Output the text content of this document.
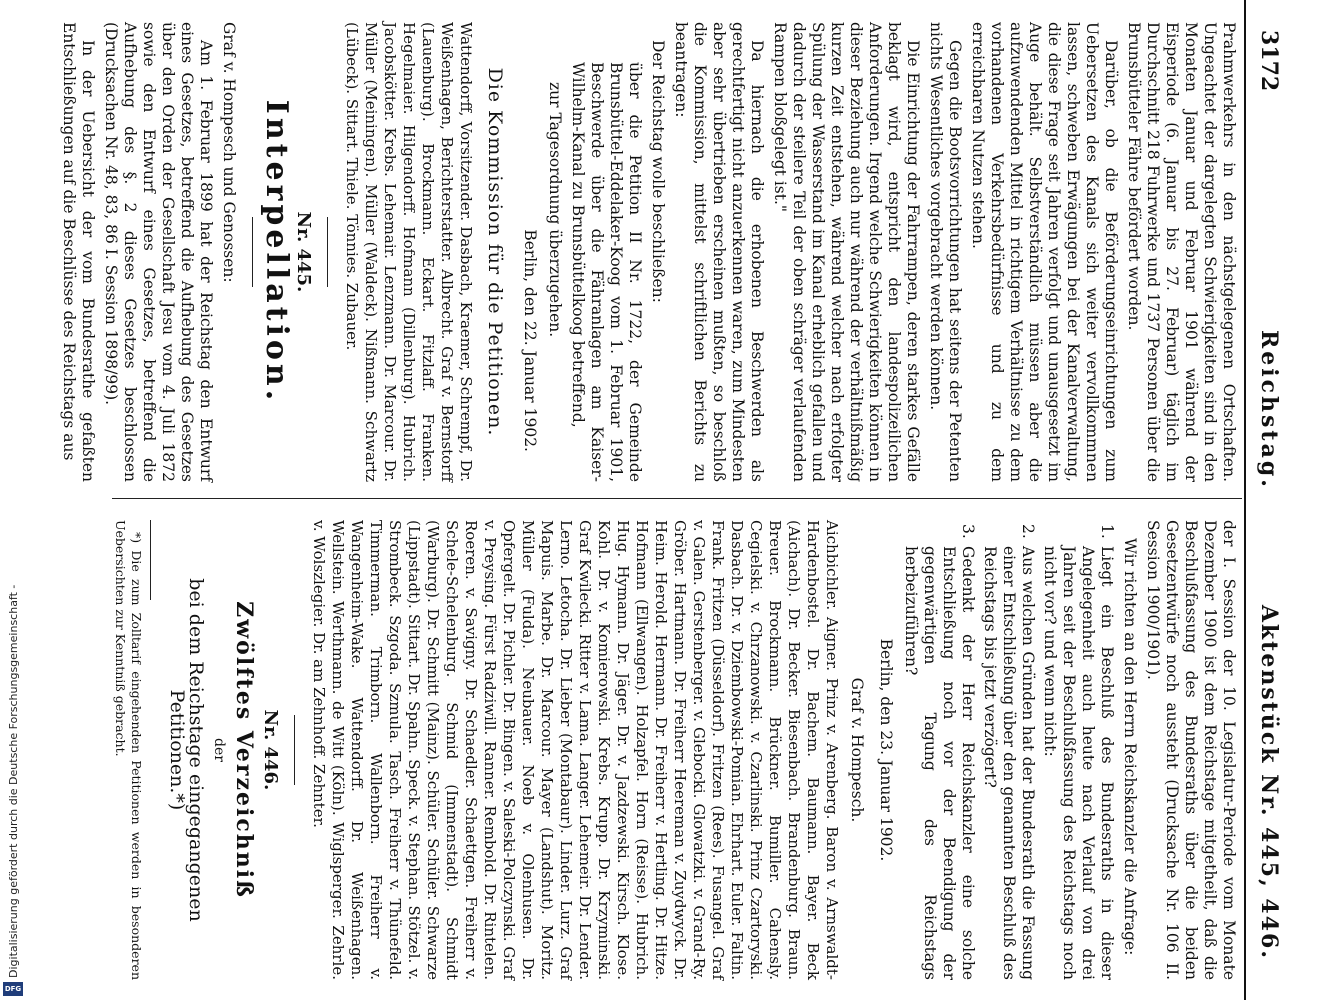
Digitalisierung gefördert durch die Deutsche Forschungsgemeinschaft -
DFG
3172
Reichstag.
Aktenstück Nr. 445, 446.

Prahmwerkehrs in den nächstgelegenen Ortschaften. Ungeachtet der dargelegten Schwierigkeiten sind in den Monaten Januar und Februar 1901 während der Eisperiode (6. Januar bis 27. Februar) täglich im Durchschnitt 218 Fuhrwerke und 1737 Personen über die Brunsbütteler Fähre befördert worden.

Darüber, ob die Beförderungseinrichtungen zum Uebersetzen des Kanals sich weiter vervollkommnen lassen, schweben Erwägungen bei der Kanalverwaltung, die diese Frage seit Jahren verfolgt und unausgesetzt im Auge behält. Selbstverständlich müssen aber die aufzuwendenden Mittel in richtigem Verhältnisse zu dem vorhandenen Verkehrsbedürfnisse und zu dem erreichbaren Nutzen stehen.

Gegen die Bootsvorrichtungen hat seitens der Petenten nichts Wesentliches vorgebracht werden können.

Die Einrichtung der Fahrrampen, deren starkes Gefälle beklagt wird, entspricht den landespolizeilichen Anforderungen. Irgend welche Schwierigkeiten können in dieser Beziehung auch nur während der verhältnißmäßig kurzen Zeit entstehen, während welcher nach erfolgter Spülung der Wasserstand im Kanal erheblich gefallen und dadurch der steilere Teil der oben schräger verlaufenden Rampen bloßgelegt ist."

Da hiernach die erhobenen Beschwerden als gerechtfertigt nicht anzuerkennen waren, zum Mindesten aber sehr übertrieben erscheinen mußten, so beschloß die Kommission, mittelst schriftlichen Berichts zu beantragen:

Der Reichstag wolle beschließen:

über die Petition II Nr. 1722, der Gemeinde Brunsbüttel-Eddelaker-Koog vom 1. Februar 1901, Beschwerde über die Fähranlagen am Kaiser-Wilhelm-Kanal zu Brunsbüttelkoog betreffend,

zur Tagesordnung überzugehen.

Berlin, den 22. Januar 1902.

Die Kommission für die Petitionen.

Wattendorff, Vorsitzender. Dasbach, Kraemer, Schrempf, Dr. Weißenhagen, Berichterstatter. Albrecht. Graf v. Bernstorff (Lauenburg). Brockmann. Eckart. Fitzlaff. Franken. Hegelmaier. Hilgendorff. Hofmann (Dillenburg). Hubrich. Jacobskötter. Krebs. Lehemair. Lenzmann. Dr. Marcour. Dr. Müller (Meiningen). Müller (Waldeck). Nißmann. Schwartz (Lübeck). Sittart. Thiele. Tönnies. Zubauer.

Nr. 445.

Interpellation.

Graf v. Hompesch und Genossen:

Am 1. Februar 1899 hat der Reichstag den Entwurf eines Gesetzes, betreffend die Aufhebung des Gesetzes über den Orden der Gesellschaft Jesu vom 4. Juli 1872 sowie den Entwurf eines Gesetzes, betreffend die Aufhebung des §. 2 dieses Gesetzes beschlossen (Drucksachen Nr. 48, 83, 86 I. Session 1898/99).

In der Uebersicht der vom Bundesrathe gefaßten Entschließungen auf die Beschlüsse des Reichstags aus

der I. Session der 10. Legislatur-Periode vom Monate Dezember 1900 ist dem Reichstage mitgetheilt, daß die Beschlußfassung des Bundesraths über die beiden Gesetzentwürfe noch aussteht (Drucksache Nr. 106 II. Session 1900/1901).

Wir richten an den Herrn Reichskanzler die Anfrage:

1.
Liegt ein Beschluß des Bundesraths in dieser Angelegenheit auch heute nach Verlauf von drei Jahren seit der Beschlußfassung des Reichstags noch nicht vor? und wenn nicht:
2.
Aus welchen Gründen hat der Bundesrath die Fassung einer Entschließung über den genannten Beschluß des Reichstags bis jetzt verzögert?
3.
Gedenkt der Herr Reichskanzler eine solche Entschließung noch vor der Beendigung der gegenwärtigen Tagung des Reichstags herbeizuführen?

Berlin, den 23. Januar 1902.

Graf v. Hompesch.

Aichbichler. Aigner. Prinz v. Arenberg. Baron v. Arnswaldt-Hardenbostel. Dr. Bachem. Baumann. Bayer. Beck (Aichach). Dr. Becker. Biesenbach. Brandenburg. Braun. Breuer. Brockmann. Brückner. Bumiller. Cahensly. Cegielski. v. Chrzanowski. v. Czarlinski. Prinz Czartoryski. Dasbach. Dr. v. Dziembowski-Pomian. Ehrhart. Euler. Faltin. Frank. Fritzen (Düsseldorf). Fritzen (Rees). Fusangel. Graf v. Galen. Gerstenberger. v. Glebocki. Glowatzki. v. Grand-Ry. Gröber. Hartmann. Dr. Freiherr Heereman v. Zuydwyck. Dr. Heim. Herold. Hermann. Dr. Freiherr v. Hertling. Dr. Hitze. Hofmann (Ellwangen). Holzapfel. Horn (Reisse). Hubrich. Hug. Hymann. Dr. Jäger. Dr. v. Jazdzewski. Kirsch. Klose. Kohl. Dr. v. Komierowski. Krebs. Krupp. Dr. Krzyminski. Graf Kwilecki. Ritter v. Lama. Langer. Lehemeir. Dr. Lender. Lerno. Letocha. Dr. Lieber (Montabaur). Linder. Lurz. Graf Mapuis. Marbe. Dr. Marcour. Mayer (Landshut). Moritz. Müller (Fulda). Neubauer. Noeb v. Olenhusen. Dr. Opfergelt. Dr. Pichler. Dr. Bingen. v. Saleski-Polczynski. Graf v. Preysing. Fürst Radziwill. Ranner. Rembold. Dr. Rintelen. Roeren. v. Savigny. Dr. Schaedler. Schaettgen. Freiherr v. Schele-Schelenburg. Schmid (Immenstadt). Schmidt (Warburg). Dr. Schmitt (Mainz). Schüler. Schüler. Schwarze (Lippstadt). Sittart. Dr. Spahn. Speck. v. Stephan. Stötzel. v. Strombeck. Szgoda. Szmula. Tasch. Freiherr v. Thünefeld. Timmerman. Trimborn. Wallenborn. Freiherr v. Wangenheim-Wake. Wattendorff. Dr. Weißenhagen. Wellstein. Werthmann. de Witt (Köln). Wiglsperger. Zehrle. v. Wolszlegier. Dr. am Zehnhoff. Zehnter.

Nr. 446.

Zwölftes Verzeichniß

der

bei dem Reichstage eingegangenen Petitionen.*)

*) Die zum Zolltarif eingehenden Petitionen werden in besonderen Uebersichten zur Kenntniß gebracht.
